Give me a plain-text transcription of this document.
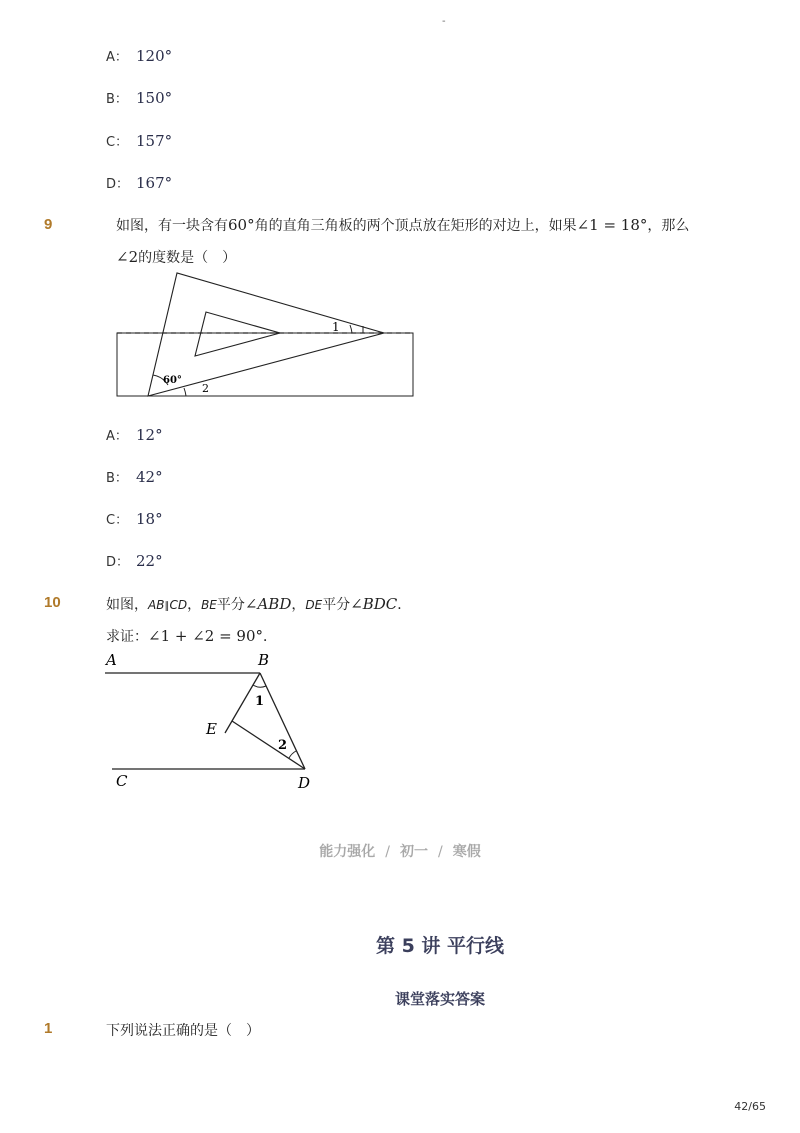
-
A： 120°
B： 150°
C： 157°
D： 167°
9	如图，有一块含有60°角的直角三角板的两个顶点放在矩形的对边上，如果∠1 = 18°，那么
∠2的度数是（　）
1
60°
2
A： 12°
B： 42°
C： 18°
D： 22°
10	如图，AB∥CD，BE平分∠ABD，DE平分∠BDC．
求证：∠1 + ∠2 = 90°．
A	B
C	D
E
1
2
能力强化 / 初一 / 寒假
第 5 讲 平行线
课堂落实答案
1	下列说法正确的是（　）
42/65
